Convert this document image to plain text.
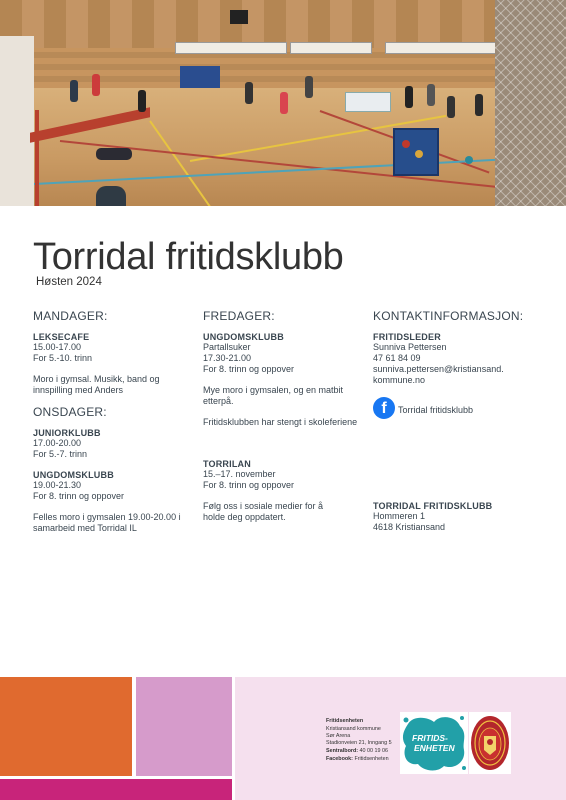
Torridal fritidsklubb
Høsten 2024
MANDAGER:
LEKSECAFE
15.00-17.00
For 5.-10. trinn
Moro i gymsal. Musikk, band og
innspilling med Anders
ONSDAGER:
JUNIORKLUBB
17.00-20.00
For 5.-7. trinn
UNGDOMSKLUBB
19.00-21.30
For 8. trinn og oppover
Felles moro i gymsalen 19.00-20.00 i
samarbeid med Torridal IL
FREDAGER:
UNGDOMSKLUBB
Partallsuker
17.30-21.00
For 8. trinn og oppover
Mye moro i gymsalen, og en matbit
etterpå.
Fritidsklubben har stengt i skoleferiene
TORRILAN
15.–17. november
For 8. trinn og oppover
Følg oss i sosiale medier for å
holde deg oppdatert.
KONTAKTINFORMASJON:
FRITIDSLEDER
Sunniva Pettersen
47 61 84 09
sunniva.pettersen@kristiansand.
kommune.no
f	Torridal fritidsklubb
TORRIDAL FRITIDSKLUBB
Hommeren 1
4618 Kristiansand
Fritidsenheten
Kristiansand kommune
Sør Arena
Stadionveien 21, Inngang 5
Sentralbord: 40 00 19 06
Facebook: Fritidsenheten
FRITIDS-
ENHETEN
